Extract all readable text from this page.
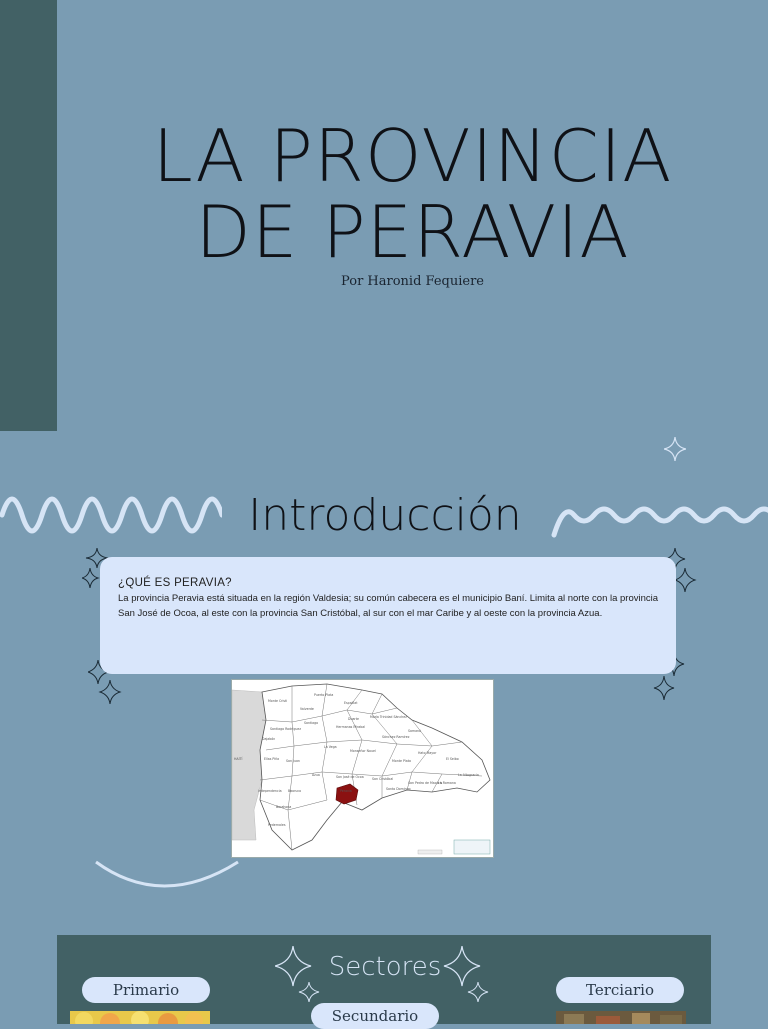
LA PROVINCIA
DE PERAVIA
Por Haronid Fequiere
Introducción

¿QUÉ ES PERAVIA?

La provincia Peravia está situada en la región Valdesia; su común cabecera es el municipio Baní. Limita al norte con la provincia San José de Ocoa, al este con la provincia San Cristóbal, al sur con el mar Caribe y al oeste con la provincia Azua.

Monte Cristi
Puerto Plata
Espaillat
Valverde
Santiago
Santiago Rodríguez
Dajabón
Duarte	María Trinidad Sánchez
Samaná
Hermanas Mirabal
Sánchez Ramírez
La Vega
Monseñor Nouel
Elías Piña San Juan
Azua	San José de Ocoa
Peravia
Monte Plata
Hato Mayor
El Seibo
San Cristóbal
Santo Domingo
San Pedro de Macorís
La Romana
La Altagracia
Independencia
Barahona
Pedernales
Baoruco
HAITÍ
Sectores
Primario
Secundario
Terciario
